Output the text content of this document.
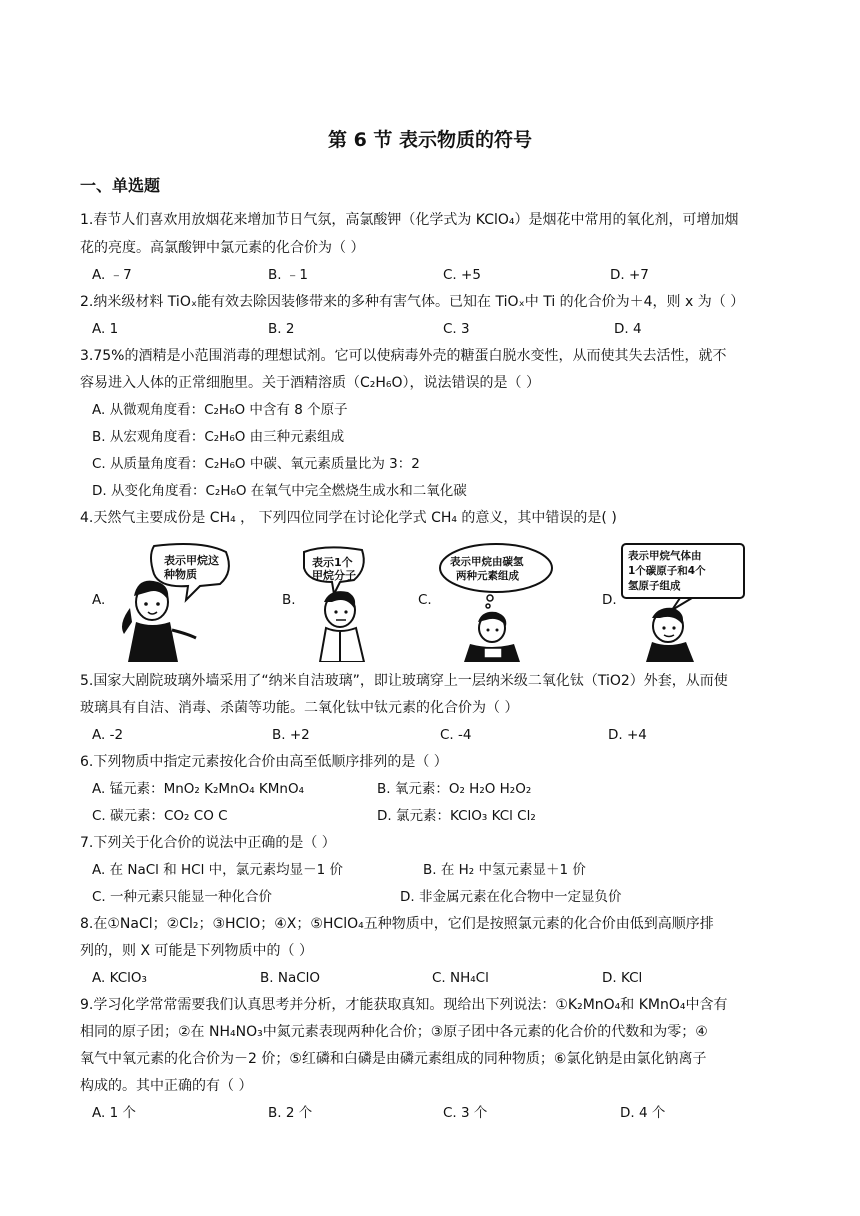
第 6 节 表示物质的符号
一、单选题
1.春节人们喜欢用放烟花来增加节日气氛，高氯酸钾（化学式为 KClO₄）是烟花中常用的氧化剂，可增加烟
花的亮度。高氯酸钾中氯元素的化合价为（ ）
A. ﹣7	B. ﹣1	C. +5	D. +7
2.纳米级材料 TiOₓ能有效去除因装修带来的多种有害气体。已知在 TiOₓ中 Ti 的化合价为＋4，则 x 为（ ）
A. 1	B. 2	C. 3	D. 4
3.75%的酒精是小范围消毒的理想试剂。它可以使病毒外壳的糖蛋白脱水变性，从而使其失去活性，就不
容易进入人体的正常细胞里。关于酒精溶质（C₂H₆O），说法错误的是（ ）
A. 从微观角度看：C₂H₆O 中含有 8 个原子
B. 从宏观角度看：C₂H₆O 由三种元素组成
C. 从质量角度看：C₂H₆O 中碳、氧元素质量比为 3：2
D. 从变化角度看：C₂H₆O 在氧气中完全燃烧生成水和二氧化碳
4.天然气主要成份是 CH₄ ， 下列四位同学在讨论化学式 CH₄ 的意义，其中错误的是( )
A.
表示甲烷这
种物质
B.
表示1个
甲烷分子
C.
表示甲烷由碳氢
两种元素组成
D.
表示甲烷气体由
1个碳原子和4个
氢原子组成
5.国家大剧院玻璃外墙采用了“纳米自洁玻璃”，即让玻璃穿上一层纳米级二氧化钛（TiO2）外套，从而使
玻璃具有自洁、消毒、杀菌等功能。二氧化钛中钛元素的化合价为（ ）
A. -2	B. +2	C. -4	D. +4
6.下列物质中指定元素按化合价由高至低顺序排列的是（ ）
A. 锰元素：MnO₂ K₂MnO₄ KMnO₄	B. 氧元素：O₂ H₂O H₂O₂
C. 碳元素：CO₂ CO C	D. 氯元素：KClO₃ KCl Cl₂
7.下列关于化合价的说法中正确的是（ ）
A. 在 NaCl 和 HCl 中，氯元素均显－1 价	B. 在 H₂ 中氢元素显＋1 价
C. 一种元素只能显一种化合价	D. 非金属元素在化合物中一定显负价
8.在①NaCl；②Cl₂；③HClO；④X；⑤HClO₄五种物质中，它们是按照氯元素的化合价由低到高顺序排
列的，则 X 可能是下列物质中的（ ）
A. KClO₃	B. NaClO	C. NH₄Cl	D. KCl
9.学习化学常常需要我们认真思考并分析，才能获取真知。现给出下列说法：①K₂MnO₄和 KMnO₄中含有
相同的原子团；②在 NH₄NO₃中氮元素表现两种化合价；③原子团中各元素的化合价的代数和为零；④
氧气中氧元素的化合价为－2 价；⑤红磷和白磷是由磷元素组成的同种物质；⑥氯化钠是由氯化钠离子
构成的。其中正确的有（ ）
A. 1 个	B. 2 个	C. 3 个	D. 4 个
